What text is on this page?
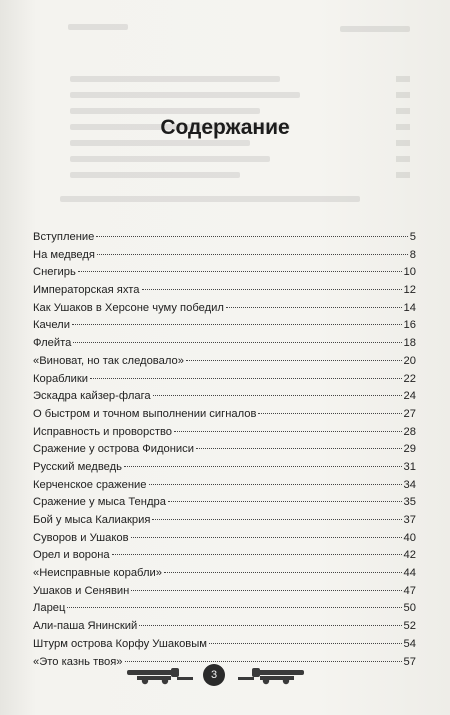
Содержание
Вступление	5
На медведя	8
Снегирь	10
Императорская яхта	12
Как Ушаков в Херсоне чуму победил	14
Качели	16
Флейта	18
«Виноват, но так следовало»	20
Кораблики	22
Эскадра кайзер-флага	24
О быстром и точном выполнении сигналов	27
Исправность и проворство	28
Сражение у острова Фидониси	29
Русский медведь	31
Керченское сражение	34
Сражение у мыса Тендра	35
Бой у мыса Калиакрия	37
Суворов и Ушаков	40
Орел и ворона	42
«Неисправные корабли»	44
Ушаков и Сенявин	47
Ларец	50
Али-паша Янинский	52
Штурм острова Корфу Ушаковым	54
«Это казнь твоя»	57
3
